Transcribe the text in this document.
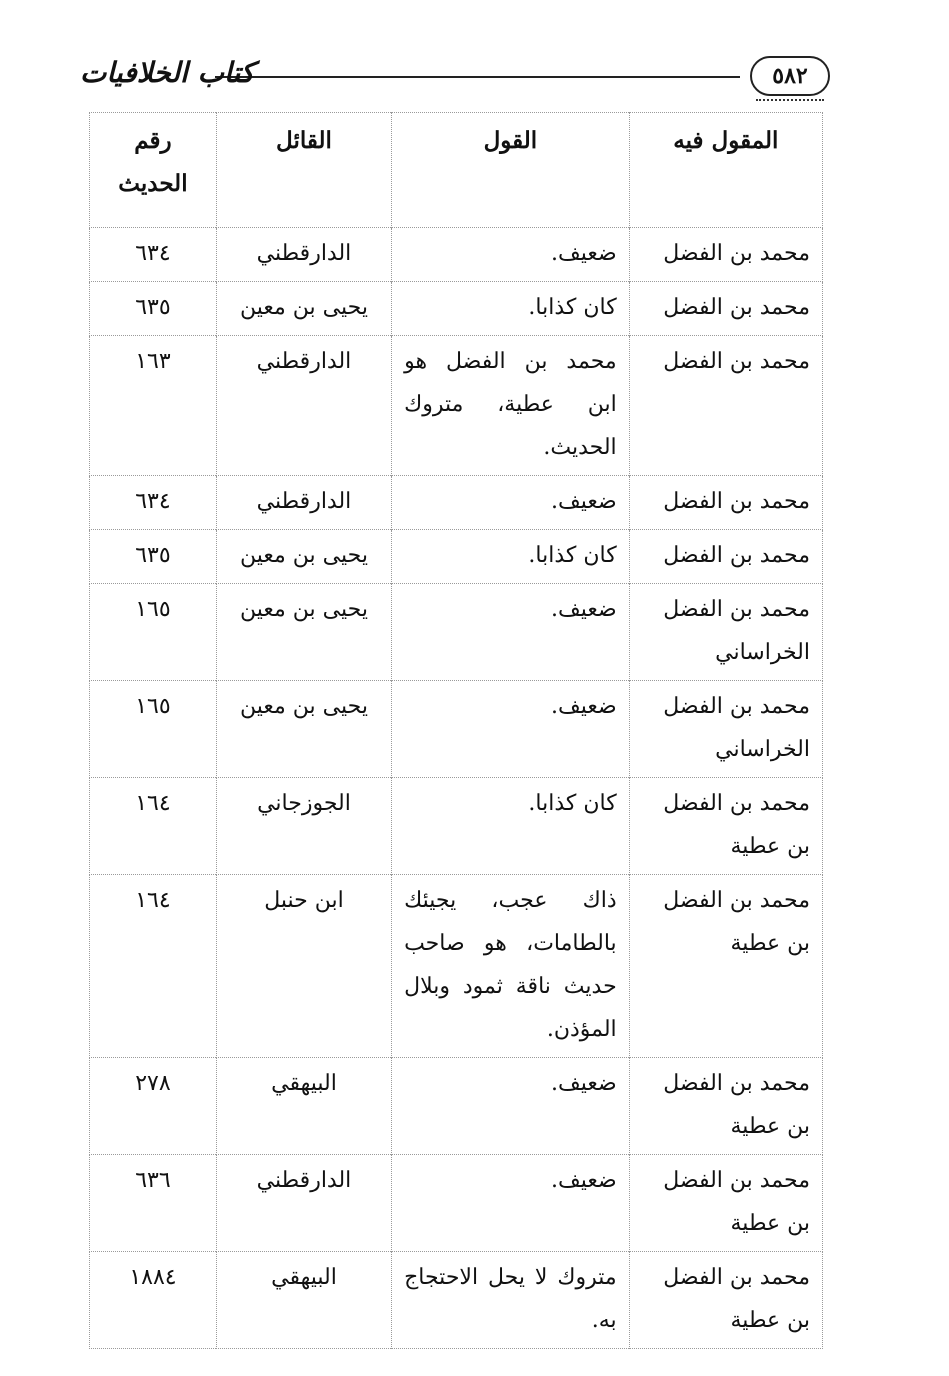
٥٨٢
كتاب الخلافيات
المقول فيه	القول	القائل	رقم الحديث
محمد بن الفضل	ضعيف.	الدارقطني	٦٣٤
محمد بن الفضل	كان كذابا.	يحيى بن معين	٦٣٥
محمد بن الفضل	محمد بن الفضل هو ابن عطية، متروك الحديث.	الدارقطني	١٦٣
محمد بن الفضل	ضعيف.	الدارقطني	٦٣٤
محمد بن الفضل	كان كذابا.	يحيى بن معين	٦٣٥
محمد بن الفضل الخراساني	ضعيف.	يحيى بن معين	١٦٥
محمد بن الفضل الخراساني	ضعيف.	يحيى بن معين	١٦٥
محمد بن الفضل بن عطية	كان كذابا.	الجوزجاني	١٦٤
محمد بن الفضل بن عطية	ذاك عجب، يجيئك بالطامات، هو صاحب حديث ناقة ثمود وبلال المؤذن.	ابن حنبل	١٦٤
محمد بن الفضل بن عطية	ضعيف.	البيهقي	٢٧٨
محمد بن الفضل بن عطية	ضعيف.	الدارقطني	٦٣٦
محمد بن الفضل بن عطية	متروك لا يحل الاحتجاج به.	البيهقي	١٨٨٤
